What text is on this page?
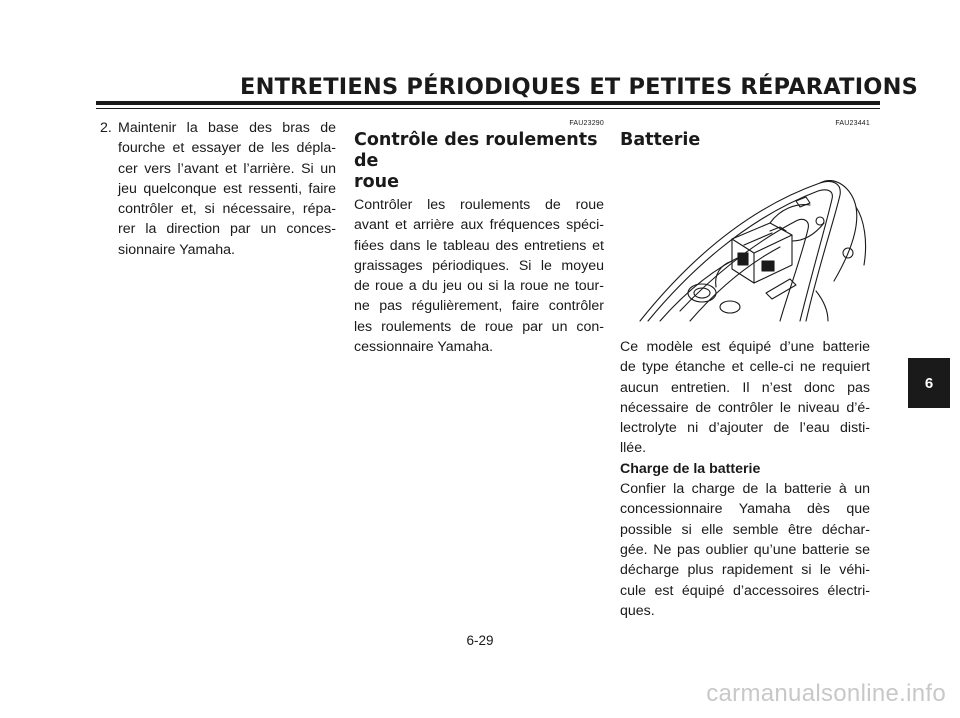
ENTRETIENS PÉRIODIQUES ET PETITES RÉPARATIONS
2. Maintenir la base des bras de
fourche et essayer de les dépla-
cer vers l’avant et l’arrière. Si un
jeu quelconque est ressenti, faire
contrôler et, si nécessaire, répa-
rer la direction par un conces-
sionnaire Yamaha.
FAU23290
Contrôle des roulements de
roue
Contrôler les roulements de roue
avant et arrière aux fréquences spéci-
fiées dans le tableau des entretiens et
graissages périodiques. Si le moyeu
de roue a du jeu ou si la roue ne tour-
ne pas régulièrement, faire contrôler
les roulements de roue par un con-
cessionnaire Yamaha.
FAU23441
Batterie
Ce modèle est équipé d’une batterie
de type étanche et celle-ci ne requiert
aucun entretien. Il n’est donc pas
nécessaire de contrôler le niveau d’é-
lectrolyte ni d’ajouter de l’eau disti-
llée.
Charge de la batterie
Confier la charge de la batterie à un
concessionnaire Yamaha dès que
possible si elle semble être déchar-
gée. Ne pas oublier qu’une batterie se
décharge plus rapidement si le véhi-
cule est équipé d’accessoires électri-
ques.
6
6-29
carmanualsonline.info
